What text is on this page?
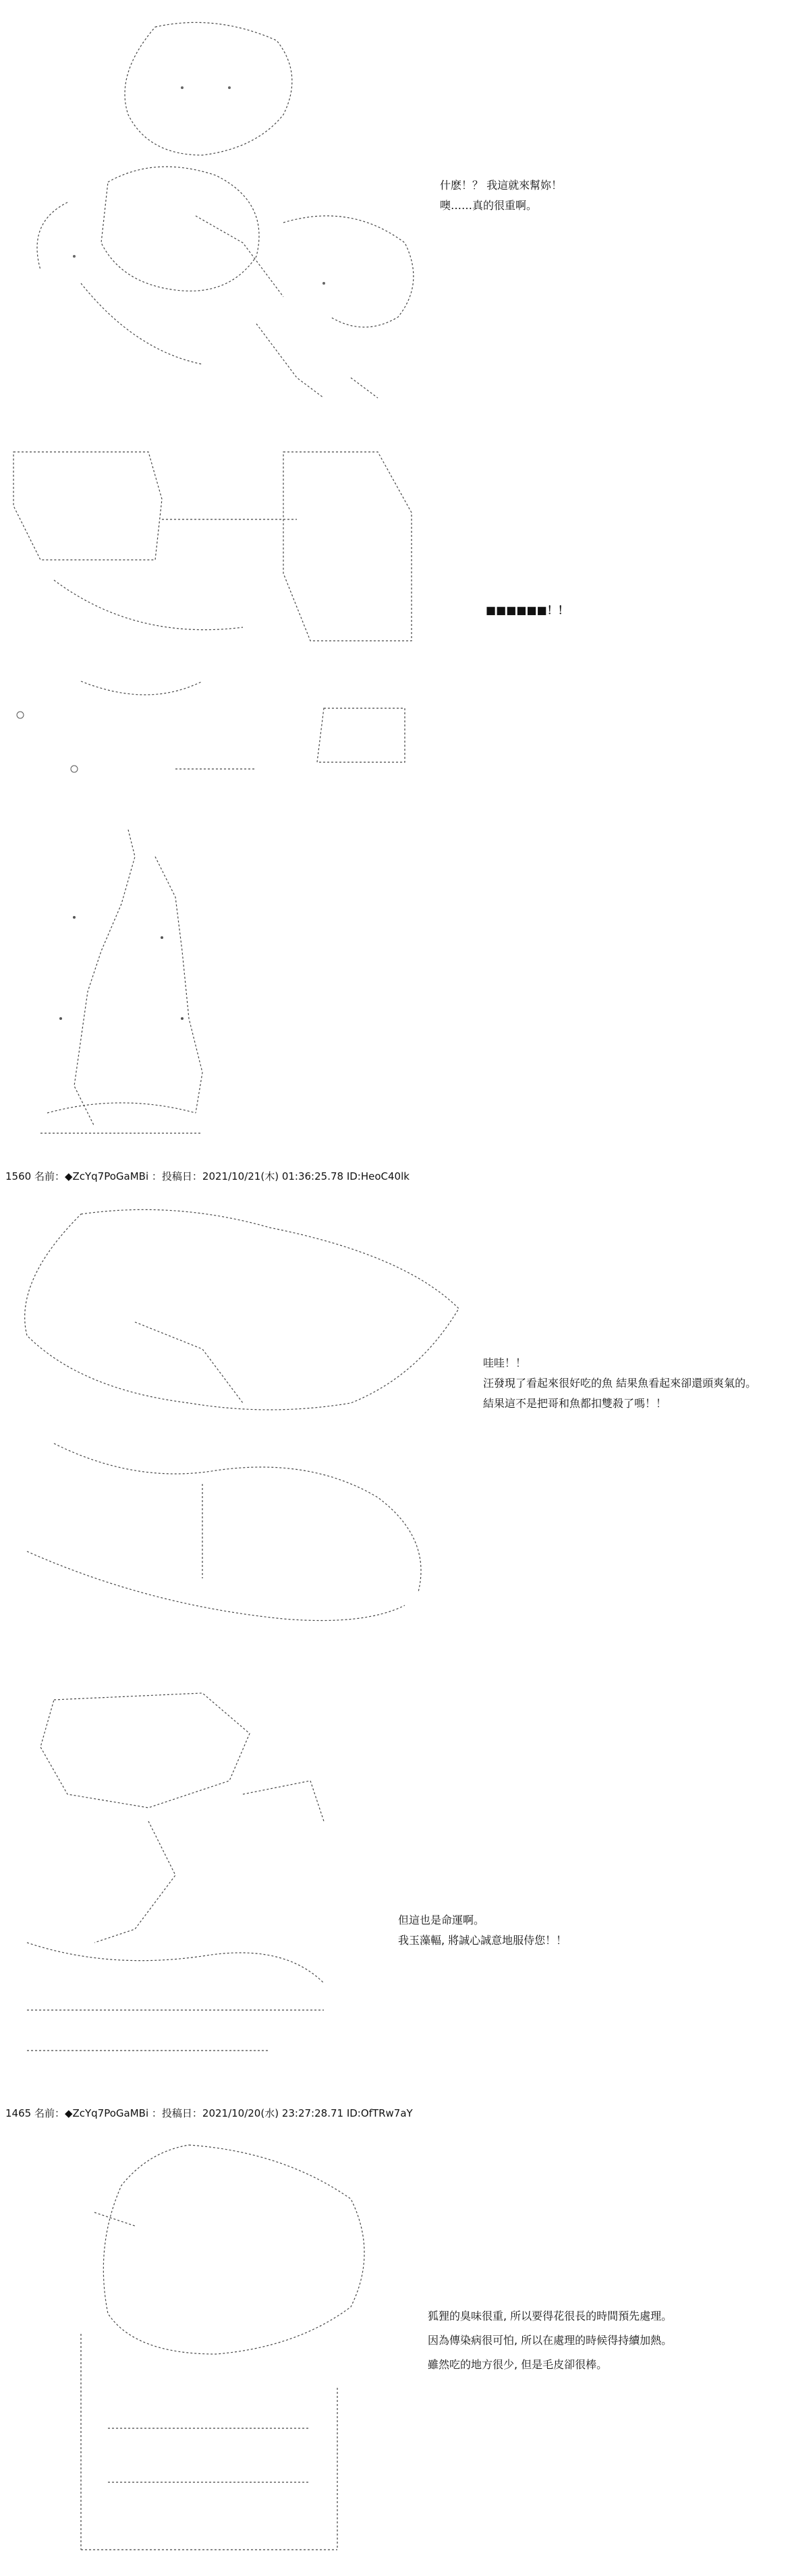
什麽！？ 我這就來幫妳！
噢……真的很重啊。
■■■■■■！！
1560 名前：◆ZcYq7PoGaMBi ：投稿日：2021/10/21(木) 01:36:25.78 ID:HeoC40lk
哇哇！！
汪發現了看起來很好吃的魚 結果魚看起來卻還頭爽氣的。
結果這不是把哥和魚都扣雙殺了嗎！！
但這也是命運啊。
我玉藻輻, 將誠心誠意地服侍您！！
1465 名前：◆ZcYq7PoGaMBi ：投稿日：2021/10/20(水) 23:27:28.71 ID:OfTRw7aY
狐狸的臭味很重, 所以要得花很長的時間預先處理。
因為傳染病很可怕, 所以在處理的時候得持續加熱。
雖然吃的地方很少, 但是毛皮卻很棒。
